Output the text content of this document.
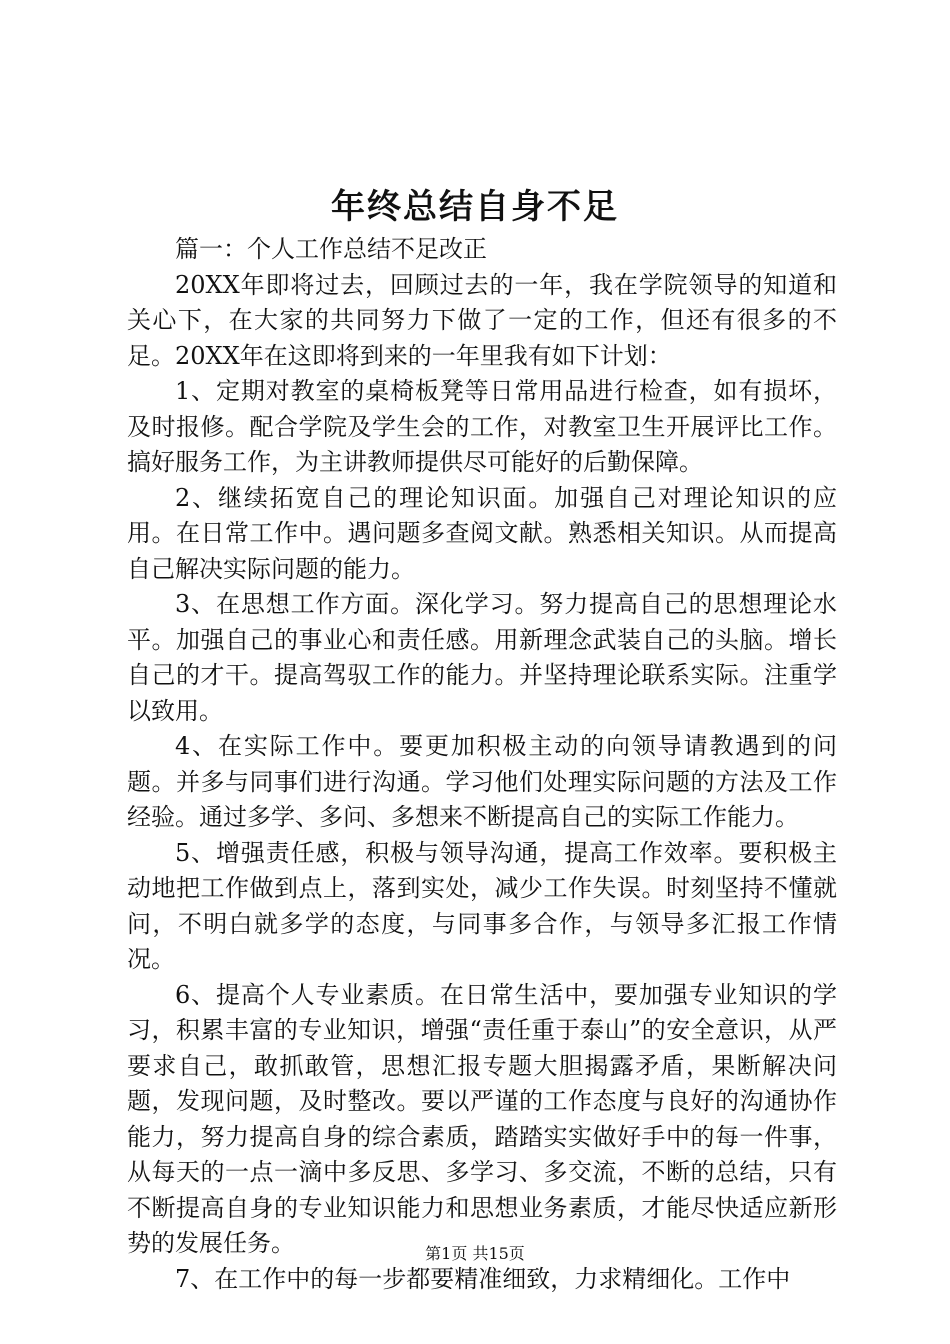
年终总结自身不足

篇一：个人工作总结不足改正

20XX年即将过去，回顾过去的一年，我在学院领导的知道和关心下，在大家的共同努力下做了一定的工作，但还有很多的不足。20XX年在这即将到来的一年里我有如下计划：

1、定期对教室的桌椅板凳等日常用品进行检查，如有损坏，及时报修。配合学院及学生会的工作，对教室卫生开展评比工作。搞好服务工作，为主讲教师提供尽可能好的后勤保障。

2、继续拓宽自己的理论知识面。加强自己对理论知识的应用。在日常工作中。遇问题多查阅文献。熟悉相关知识。从而提高自己解决实际问题的能力。

3、在思想工作方面。深化学习。努力提高自己的思想理论水平。加强自己的事业心和责任感。用新理念武装自己的头脑。增长自己的才干。提高驾驭工作的能力。并坚持理论联系实际。注重学以致用。

4、在实际工作中。要更加积极主动的向领导请教遇到的问题。并多与同事们进行沟通。学习他们处理实际问题的方法及工作经验。通过多学、多问、多想来不断提高自己的实际工作能力。

5、增强责任感，积极与领导沟通，提高工作效率。要积极主动地把工作做到点上，落到实处，减少工作失误。时刻坚持不懂就问，不明白就多学的态度，与同事多合作，与领导多汇报工作情况。

6、提高个人专业素质。在日常生活中，要加强专业知识的学习，积累丰富的专业知识，增强“责任重于泰山”的安全意识，从严要求自己，敢抓敢管，思想汇报专题大胆揭露矛盾，果断解决问题，发现问题，及时整改。要以严谨的工作态度与良好的沟通协作能力，努力提高自身的综合素质，踏踏实实做好手中的每一件事，从每天的一点一滴中多反思、多学习、多交流，不断的总结，只有不断提高自身的专业知识能力和思想业务素质，才能尽快适应新形势的发展任务。

7、在工作中的每一步都要精准细致，力求精细化。工作中

第1页 共15页
